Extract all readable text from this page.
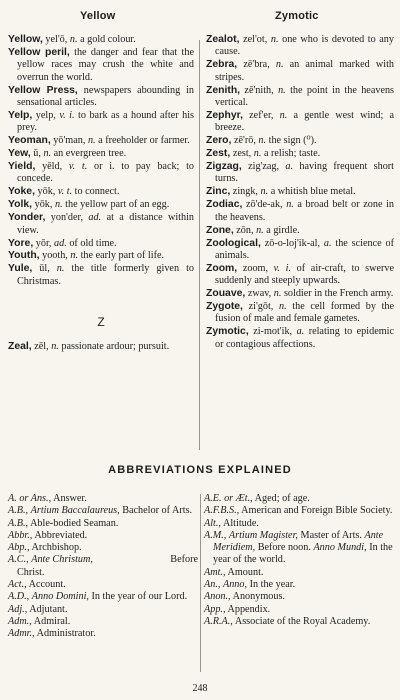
Yellow	Zymotic
Yellow, yel'ō, n. a gold colour.
Yellow peril, the danger and fear that the yellow races may crush the white and overrun the world.
Yellow Press, newspapers abounding in sensational articles.
Yelp, yelp, v. i. to bark as a hound after his prey.
Yeoman, yō'man, n. a freeholder or farmer.
Yew, ū, n. an evergreen tree.
Yield, yēld, v. t. or i. to pay back; to concede.
Yoke, yōk, v. t. to connect.
Yolk, yōk, n. the yellow part of an egg.
Yonder, yon'der, ad. at a distance within view.
Yore, yōr, ad. of old time.
Youth, yooth, n. the early part of life.
Yule, ūl, n. the title formerly given to Christmas.
Z
Zeal, zēl, n. passionate ardour; pursuit.
Zealot, zel'ot, n. one who is devoted to any cause.
Zebra, zē'bra, n. an animal marked with stripes.
Zenith, zē'nith, n. the point in the heavens vertical.
Zephyr, zef'er, n. a gentle west wind; a breeze.
Zero, zē'rō, n. the sign (⁰).
Zest, zest, n. a relish; taste.
Zigzag, zig'zag, a. having frequent short turns.
Zinc, zingk, n. a whitish blue metal.
Zodiac, zō'de-ak, n. a broad belt or zone in the heavens.
Zone, zōn, n. a girdle.
Zoological, zō-o-loj'ik-al, a. the science of animals.
Zoom, zoom, v. i. of air-craft, to swerve suddenly and steeply upwards.
Zouave, zwav, n. soldier in the French army.
Zygote, zi'gōt, n. the cell formed by the fusion of male and female gametes.
Zymotic, zi-mot'ik, a. relating to epidemic or contagious affections.
ABBREVIATIONS EXPLAINED
A. or Ans., Answer.
A.B., Artium Baccalaureus, Bachelor of Arts.
A.B., Able-bodied Seaman.
Abbr., Abbreviated.
Abp., Archbishop.
A.C., Ante Christum,	Before
Christ.
Act., Account.
A.D., Anno Domini, In the year of our Lord.
Adj., Adjutant.
Adm., Admiral.
Admr., Administrator.
A.E. or Æt., Aged; of age.
A.F.B.S., American and Foreign Bible Society.
Alt., Altitude.
A.M., Artium Magister, Master of Arts. Ante Meridiem, Before noon. Anno Mundi, In the year of the world.
Amt., Amount.
An., Anno, In the year.
Anon., Anonymous.
App., Appendix.
A.R.A., Associate of the Royal Academy.
248
